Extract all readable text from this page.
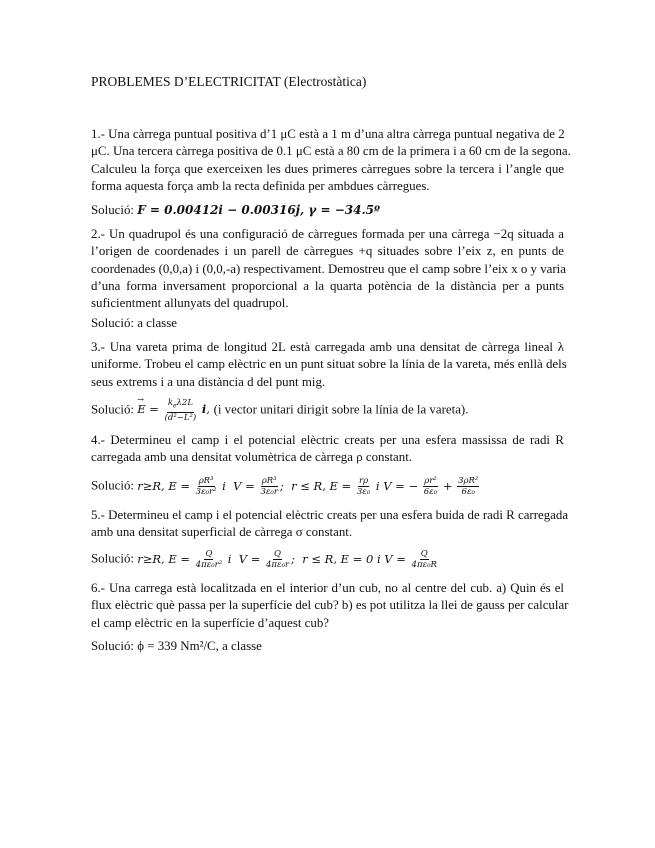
PROBLEMES D’ELECTRICITAT (Electrostàtica)
1.- Una càrrega puntual positiva d’1 μC està a 1 m d’una altra càrrega puntual negativa de 2
μC. Una tercera càrrega positiva de 0.1 μC està a 80 cm de la primera i a 60 cm de la segona.
Calculeu la força que exerceixen les dues primeres càrregues sobre la tercera i l’angle que
forma aquesta força amb la recta definida per ambdues càrregues.
Solució: F = 0.00412i − 0.00316j, γ = −34.5º
2.- Un quadrupol és una configuració de càrregues formada per una càrrega −2q situada a
l’origen de coordenades i un parell de càrregues +q situades sobre l’eix z, en punts de
coordenades (0,0,a) i (0,0,-a) respectivament. Demostreu que el camp sobre l’eix x o y varia
d’una forma inversament proporcional a la quarta potència de la distància per a punts
suficientment allunyats del quadrupol.
Solució: a classe
3.- Una vareta prima de longitud 2L està carregada amb una densitat de càrrega lineal λ
uniforme. Trobeu el camp elèctric en un punt situat sobre la línia de la vareta, més enllà dels
seus extrems i a una distància d del punt mig.
Solució: → $E = \frac{k_e\lambda 2L}{\text{(d²−L²)}} i$, (i vector unitari dirigit sobre la línia de la vareta).
4.- Determineu el camp i el potencial elèctric creats per una esfera massissa de radi R
carregada amb una densitat volumètrica de càrrega ρ constant.
Solució: r≥R, $E = \frac{\text{ρR³}}{\text{3ε₀r²}}$ i  $V = \frac{\text{ρR³}}{\text{3ε₀r}}$ ;  r ≤ R, $E = \frac{r\rho}{\text{3ε₀}}$ i V = − $\frac{\text{ρr²}}{\text{6ε₀}} + \frac{\text{3ρR²}}{\text{6ε₀}}$
5.- Determineu el camp i el potencial elèctric creats per una esfera buida de radi R carregada
amb una densitat superficial de càrrega σ constant.
Solució: r≥R, $E = \frac{Q}{\text{4πε₀r²}}$ i  $V = \frac{Q}{\text{4πε₀r}}$ ;  r ≤ R, E = 0 i $V = \frac{Q}{\text{4πε₀R}}$
6.- Una carrega està localitzada en el interior d’un cub, no al centre del cub. a) Quin és el
flux elèctric què passa per la superfície del cub? b) es pot utilitza la llei de gauss per calcular
el camp elèctric en la superfície d’aquest cub?
Solució: ϕ = 339 Nm²/C, a classe
